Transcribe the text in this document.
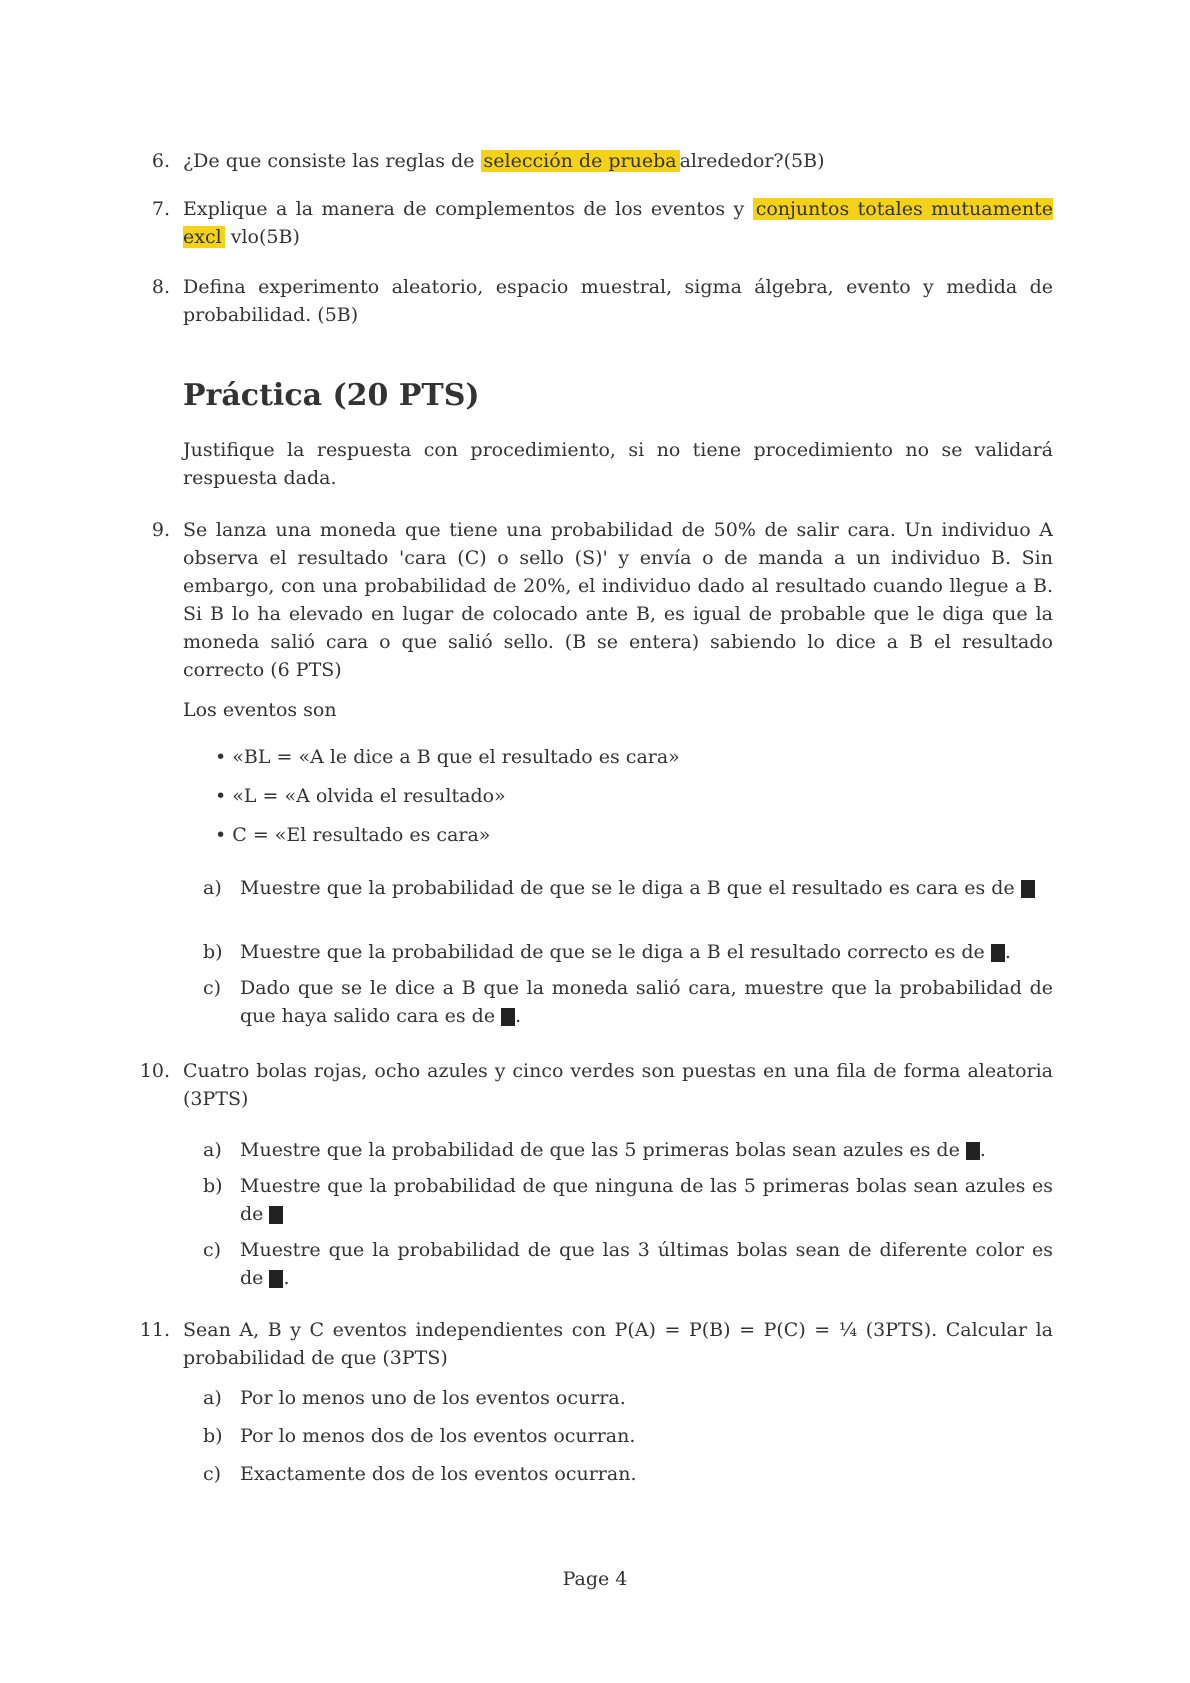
6. ¿De que consiste las reglas de selección de prueba alrededor?(5B)
7. Explique a la manera de complementos de los eventos y conjuntos totales mutuamente excl vlo(5B)
8. Defina experimento aleatorio, espacio muestral, sigma álgebra, evento y medida de probabilidad. (5B)
Práctica (20 PTS)
Justifique la respuesta con procedimiento, si no tiene procedimiento no se validará respuesta dada.
9. Se lanza una moneda que tiene una probabilidad de 50% de salir cara. Un individuo A observa el resultado 'cara (C) o sello (S)' y envía o de manda a un individuo B. Sin embargo, con una probabilidad de 20%, el individuo dado al resultado cuando llegue a B. Si B lo ha elevado en lugar de colocado ante B, es igual de probable que le diga que la moneda salió cara o que salió sello. (B se entera) sabiendo lo dice a B el resultado correcto (6 PTS)
Los eventos son
• «BL = «A le dice a B que el resultado es cara»
• «L = «A olvida el resultado»
• C = «El resultado es cara»
a) Muestre que la probabilidad de que se le diga a B que el resultado es cara es de
b) Muestre que la probabilidad de que se le diga a B el resultado correcto es de .
c) Dado que se le dice a B que la moneda salió cara, muestre que la probabilidad de que haya salido cara es de .
10. Cuatro bolas rojas, ocho azules y cinco verdes son puestas en una fila de forma aleatoria (3PTS)
a) Muestre que la probabilidad de que las 5 primeras bolas sean azules es de .
b) Muestre que la probabilidad de que ninguna de las 5 primeras bolas sean azules es de
c) Muestre que la probabilidad de que las 3 últimas bolas sean de diferente color es de .
11. Sean A, B y C eventos independientes con P(A) = P(B) = P(C) = ¼ (3PTS). Calcular la probabilidad de que (3PTS)
a) Por lo menos uno de los eventos ocurra.
b) Por lo menos dos de los eventos ocurran.
c) Exactamente dos de los eventos ocurran.
Page 4
